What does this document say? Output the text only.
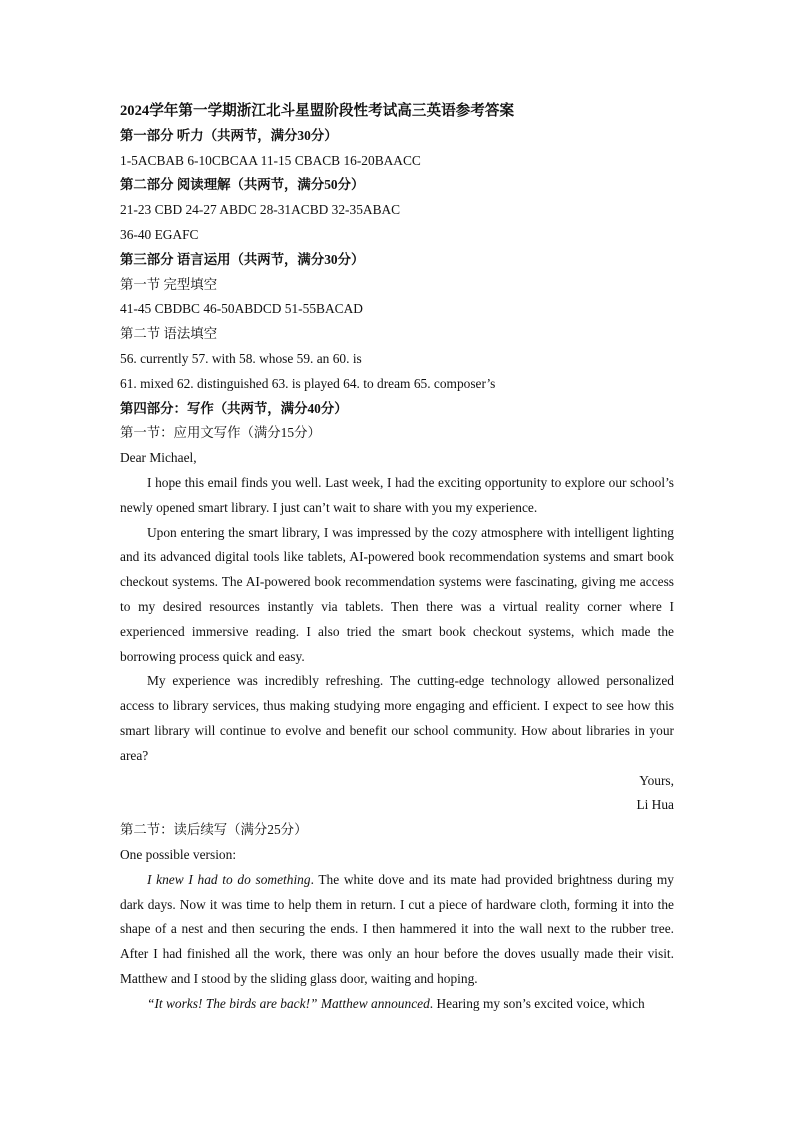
2024学年第一学期浙江北斗星盟阶段性考试高三英语参考答案
第一部分 听力（共两节，满分30分）
1-5ACBAB 6-10CBCAA 11-15 CBACB 16-20BAACC
第二部分 阅读理解（共两节，满分50分）
21-23 CBD 24-27 ABDC 28-31ACBD 32-35ABAC
36-40 EGAFC
第三部分 语言运用（共两节，满分30分）
第一节 完型填空
41-45 CBDBC 46-50ABDCD 51-55BACAD
第二节 语法填空
56. currently 57. with 58. whose 59. an 60. is
61. mixed 62. distinguished 63. is played 64. to dream 65. composer’s
第四部分：写作（共两节，满分40分）
第一节：应用文写作（满分15分）
Dear Michael,

I hope this email finds you well. Last week, I had the exciting opportunity to explore our school’s newly opened smart library. I just can’t wait to share with you my experience.

Upon entering the smart library, I was impressed by the cozy atmosphere with intelligent lighting and its advanced digital tools like tablets, AI-powered book recommendation systems and smart book checkout systems. The AI-powered book recommendation systems were fascinating, giving me access to my desired resources instantly via tablets. Then there was a virtual reality corner where I experienced immersive reading. I also tried the smart book checkout systems, which made the borrowing process quick and easy.

My experience was incredibly refreshing. The cutting-edge technology allowed personalized access to library services, thus making studying more engaging and efficient. I expect to see how this smart library will continue to evolve and benefit our school community. How about libraries in your area?

Yours,
Li Hua
第二节：读后续写（满分25分）
One possible version:

I knew I had to do something. The white dove and its mate had provided brightness during my dark days. Now it was time to help them in return. I cut a piece of hardware cloth, forming it into the shape of a nest and then securing the ends. I then hammered it into the wall next to the rubber tree. After I had finished all the work, there was only an hour before the doves usually made their visit. Matthew and I stood by the sliding glass door, waiting and hoping.

“It works! The birds are back!” Matthew announced. Hearing my son’s excited voice, which
